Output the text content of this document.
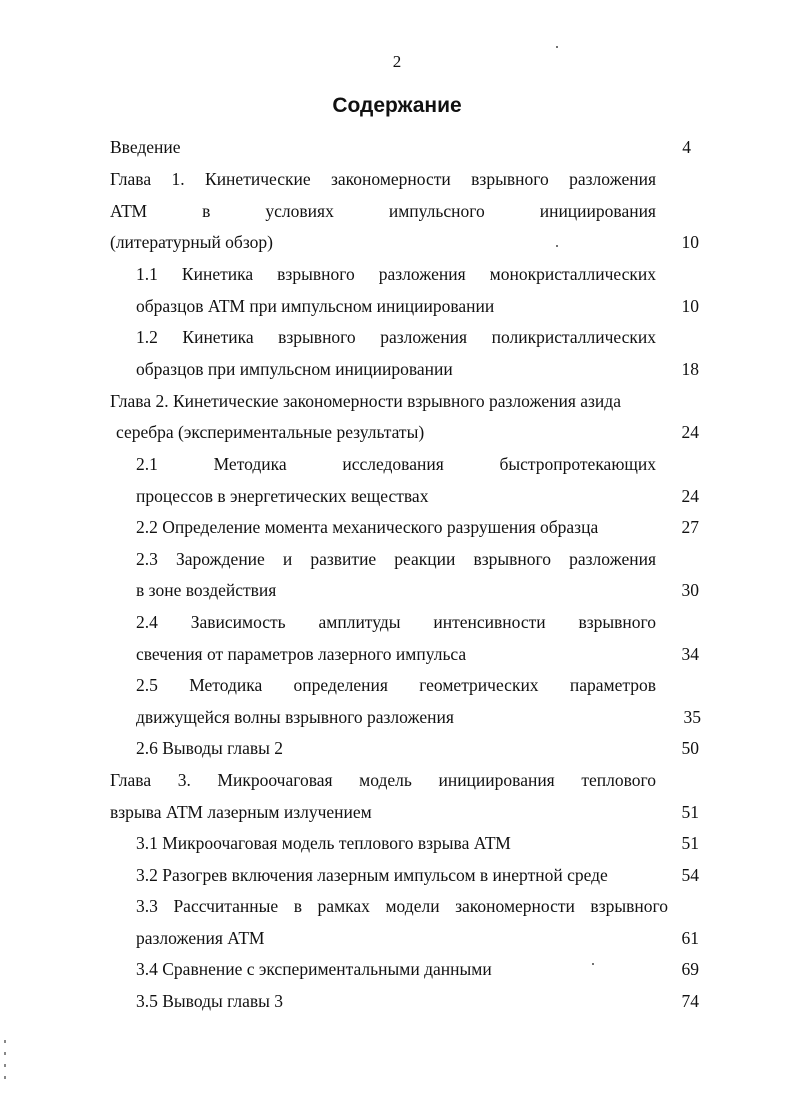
2
Содержание
Введение	4
Глава 1. Кинетические закономерности взрывного разложения
АТМ в условиях импульсного инициирования
(литературный обзор)	10
1.1 Кинетика взрывного разложения монокристаллических
образцов АТМ при импульсном инициировании	10
1.2 Кинетика взрывного разложения поликристаллических
образцов при импульсном инициировании	18
Глава 2. Кинетические закономерности взрывного разложения азида
серебра (экспериментальные результаты)	24
2.1 Методика исследования быстропротекающих
процессов в энергетических веществах	24
2.2 Определение момента механического разрушения образца	27
2.3 Зарождение и развитие реакции взрывного разложения
в зоне воздействия	30
2.4 Зависимость амплитуды интенсивности взрывного
свечения от параметров лазерного импульса	34
2.5 Методика определения геометрических параметров
движущейся волны взрывного разложения	35
2.6 Выводы главы 2	50
Глава 3. Микроочаговая модель инициирования теплового
взрыва АТМ лазерным излучением	51
3.1 Микроочаговая модель теплового взрыва АТМ	51
3.2 Разогрев включения лазерным импульсом в инертной среде	54
3.3 Рассчитанные в рамках модели закономерности взрывного
разложения АТМ	61
3.4 Сравнение с экспериментальными данными	69
3.5 Выводы главы 3	74
